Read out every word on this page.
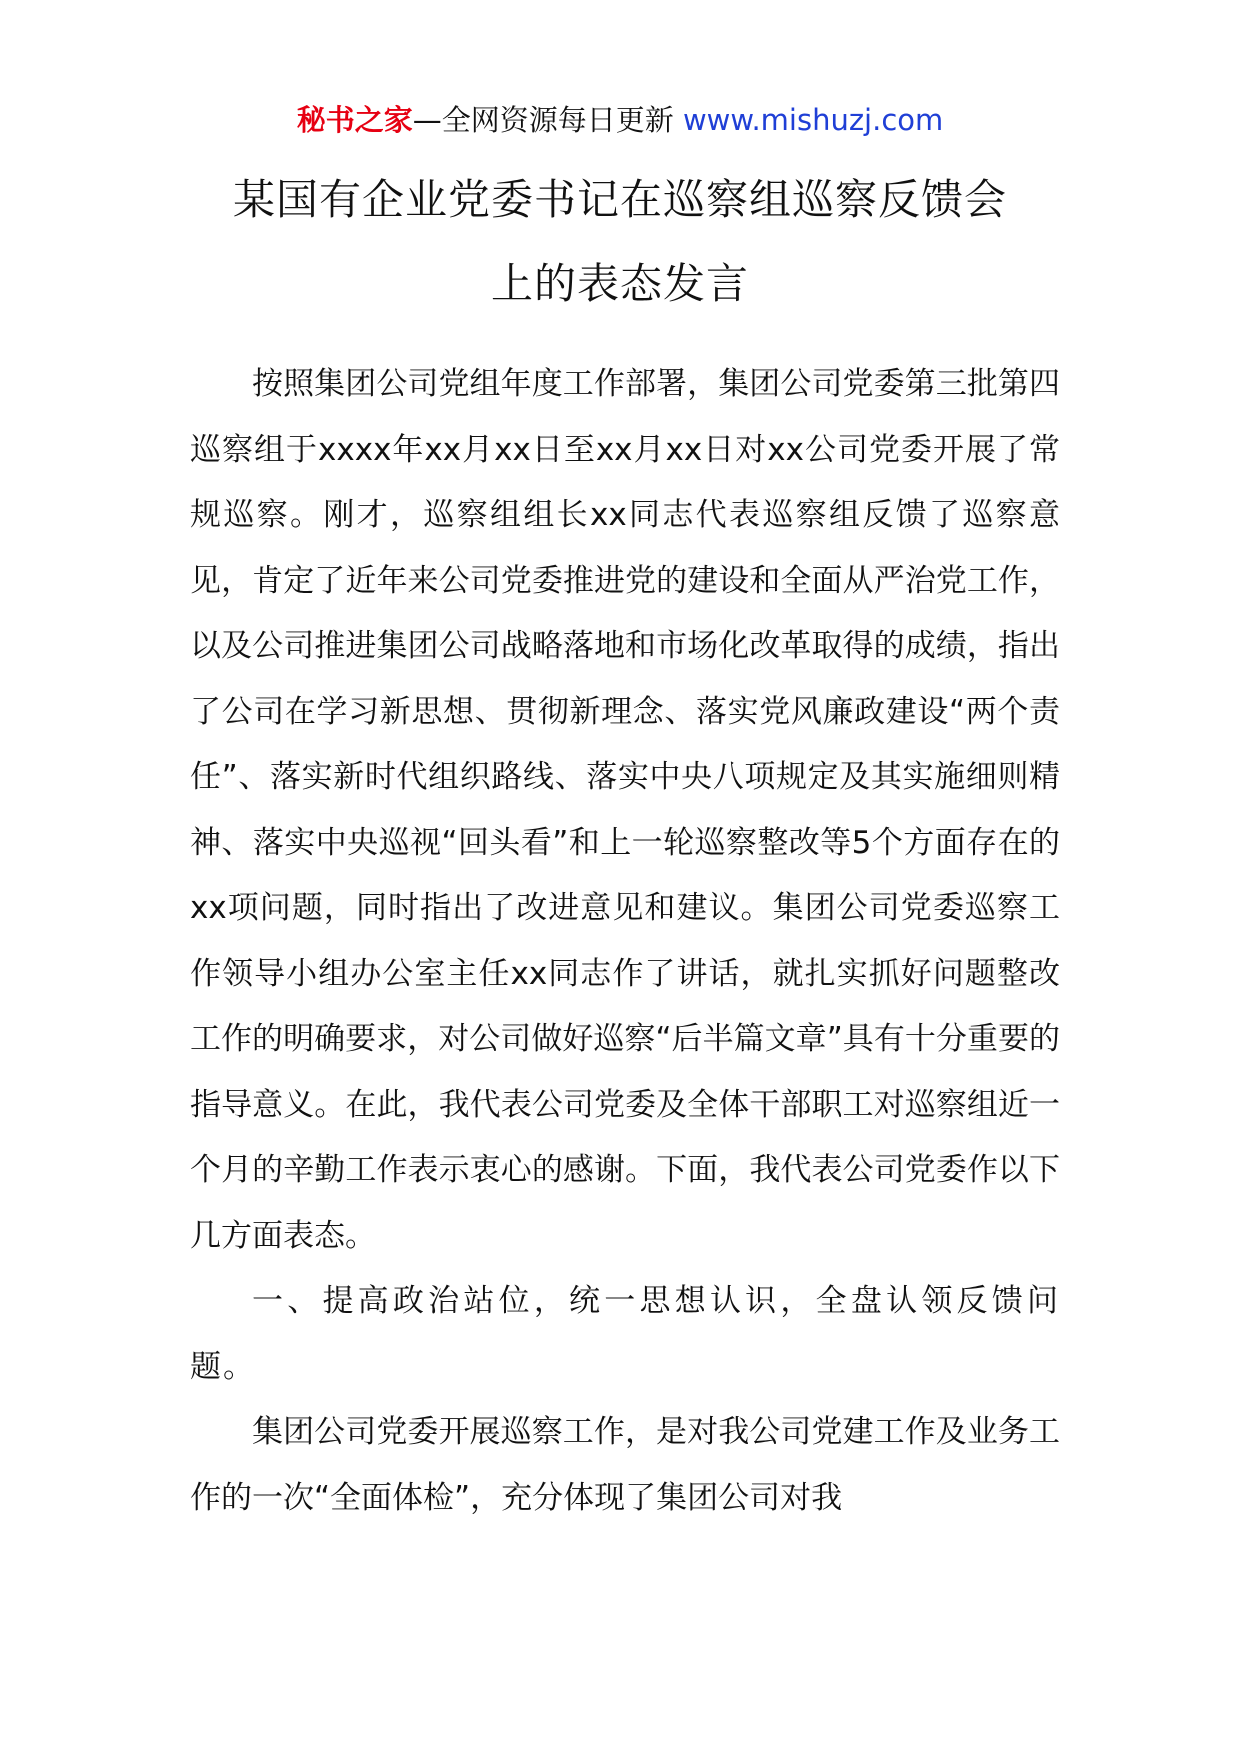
秘书之家—全网资源每日更新 www.mishuzj.com
某国有企业党委书记在巡察组巡察反馈会
上的表态发言

按照集团公司党组年度工作部署，集团公司党委第三批第四巡察组于xxxx年xx月xx日至xx月xx日对xx公司党委开展了常规巡察。刚才，巡察组组长xx同志代表巡察组反馈了巡察意见，肯定了近年来公司党委推进党的建设和全面从严治党工作，以及公司推进集团公司战略落地和市场化改革取得的成绩，指出了公司在学习新思想、贯彻新理念、落实党风廉政建设“两个责任”、落实新时代组织路线、落实中央八项规定及其实施细则精神、落实中央巡视“回头看”和上一轮巡察整改等5个方面存在的xx项问题，同时指出了改进意见和建议。集团公司党委巡察工作领导小组办公室主任xx同志作了讲话，就扎实抓好问题整改工作的明确要求，对公司做好巡察“后半篇文章”具有十分重要的指导意义。在此，我代表公司党委及全体干部职工对巡察组近一个月的辛勤工作表示衷心的感谢。下面，我代表公司党委作以下几方面表态。

一、提高政治站位，统一思想认识，全盘认领反馈问题。

集团公司党委开展巡察工作，是对我公司党建工作及业务工作的一次“全面体检”，充分体现了集团公司对我
